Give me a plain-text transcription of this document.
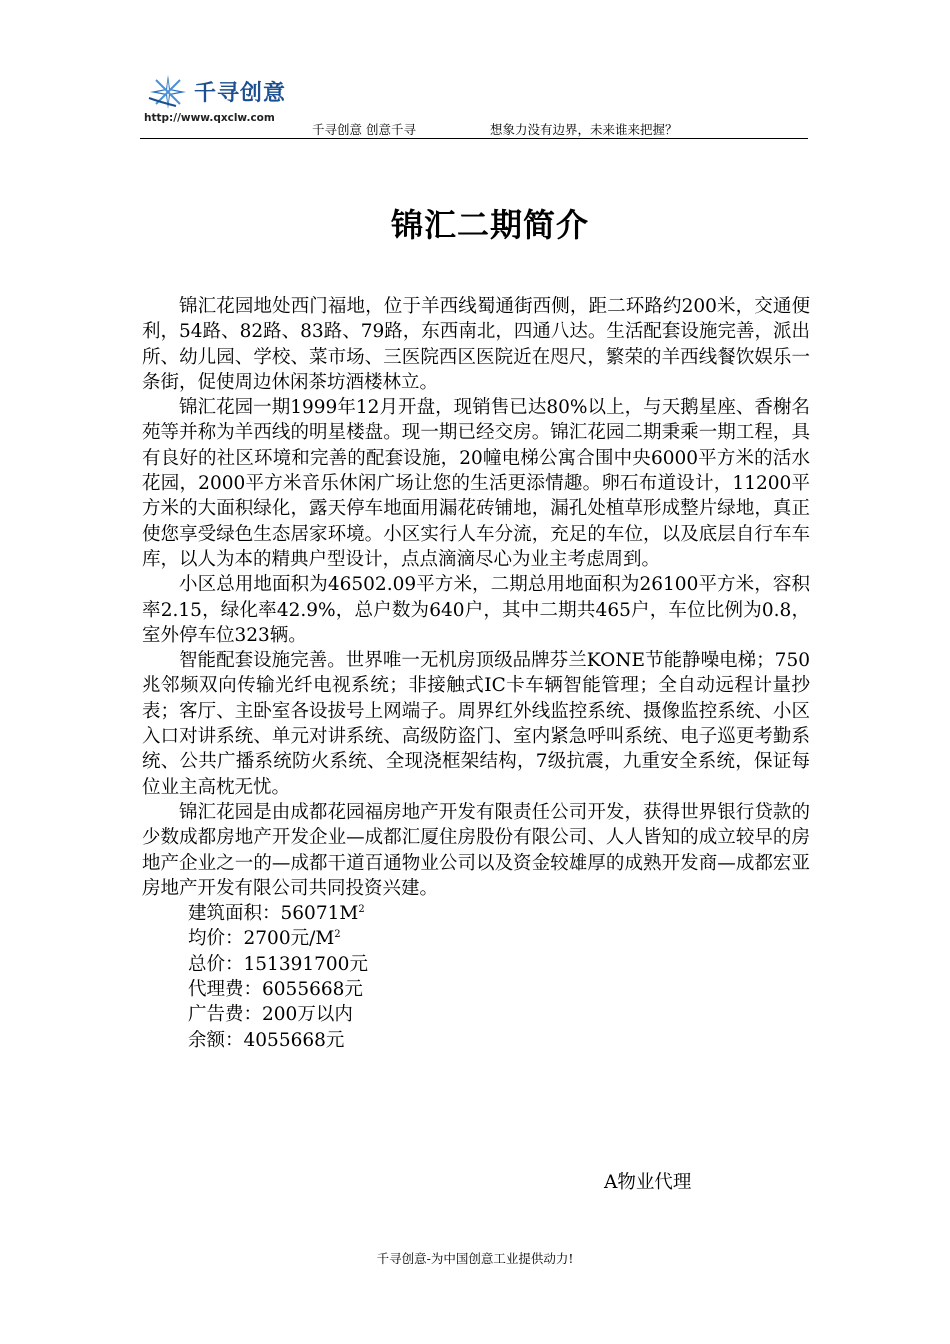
千寻创意
http://www.qxclw.com
千寻创意 创意千寻	想象力没有边界，未来谁来把握？
锦汇二期简介

锦汇花园地处西门福地，位于羊西线蜀通街西侧，距二环路约200米，交通便利，54路、82路、83路、79路，东西南北，四通八达。生活配套设施完善，派出所、幼儿园、学校、菜市场、三医院西区医院近在咫尺，繁荣的羊西线餐饮娱乐一条街，促使周边休闲茶坊酒楼林立。

锦汇花园一期1999年12月开盘，现销售已达80%以上，与天鹅星座、香榭名苑等并称为羊西线的明星楼盘。现一期已经交房。锦汇花园二期秉乘一期工程，具有良好的社区环境和完善的配套设施，20幢电梯公寓合围中央6000平方米的活水花园，2000平方米音乐休闲广场让您的生活更添情趣。卵石布道设计，11200平方米的大面积绿化，露天停车地面用漏花砖铺地，漏孔处植草形成整片绿地，真正使您享受绿色生态居家环境。小区实行人车分流，充足的车位，以及底层自行车车库，以人为本的精典户型设计，点点滴滴尽心为业主考虑周到。

小区总用地面积为46502.09平方米，二期总用地面积为26100平方米，容积率2.15，绿化率42.9%，总户数为640户，其中二期共465户，车位比例为0.8，室外停车位323辆。

智能配套设施完善。世界唯一无机房顶级品牌芬兰KONE节能静噪电梯；750兆邻频双向传输光纤电视系统；非接触式IC卡车辆智能管理；全自动远程计量抄表；客厅、主卧室各设拔号上网端子。周界红外线监控系统、摄像监控系统、小区入口对讲系统、单元对讲系统、高级防盗门、室内紧急呼叫系统、电子巡更考勤系统、公共广播系统防火系统、全现浇框架结构，7级抗震，九重安全系统，保证每位业主高枕无忧。

锦汇花园是由成都花园福房地产开发有限责任公司开发，获得世界银行贷款的少数成都房地产开发企业—成都汇厦住房股份有限公司、人人皆知的成立较早的房地产企业之一的—成都干道百通物业公司以及资金较雄厚的成熟开发商—成都宏亚房地产开发有限公司共同投资兴建。

建筑面积：$56071M^2$

均价：2700元$/M^2$

总价：151391700元

代理费：6055668元

广告费：200万以内

余额：4055668元

A物业代理
千寻创意-为中国创意工业提供动力!
